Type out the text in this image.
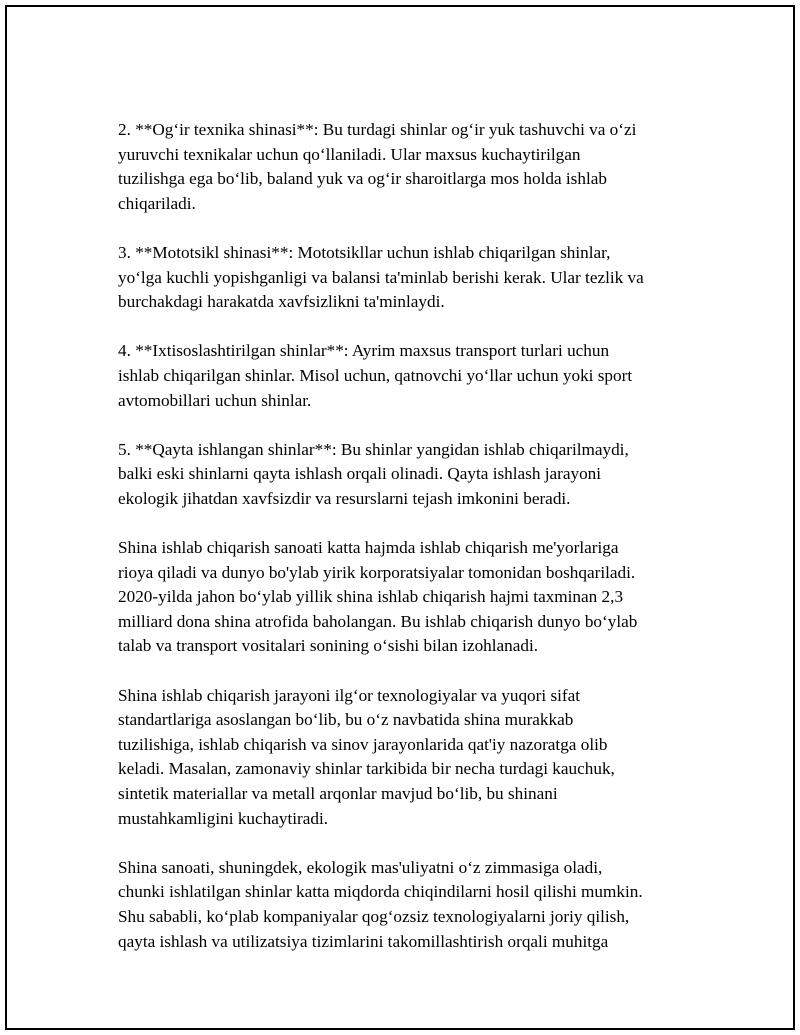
2. **Og‘ir texnika shinasi**: Bu turdagi shinlar og‘ir yuk tashuvchi va o‘zi
yuruvchi texnikalar uchun qo‘llaniladi. Ular maxsus kuchaytirilgan
tuzilishga ega bo‘lib, baland yuk va og‘ir sharoitlarga mos holda ishlab
chiqariladi.

3. **Mototsikl shinasi**: Mototsikllar uchun ishlab chiqarilgan shinlar,
yo‘lga kuchli yopishganligi va balansi ta'minlab berishi kerak. Ular tezlik va
burchakdagi harakatda xavfsizlikni ta'minlaydi.

4. **Ixtisoslashtirilgan shinlar**: Ayrim maxsus transport turlari uchun
ishlab chiqarilgan shinlar. Misol uchun, qatnovchi yo‘llar uchun yoki sport
avtomobillari uchun shinlar.

5. **Qayta ishlangan shinlar**: Bu shinlar yangidan ishlab chiqarilmaydi,
balki eski shinlarni qayta ishlash orqali olinadi. Qayta ishlash jarayoni
ekologik jihatdan xavfsizdir va resurslarni tejash imkonini beradi.

Shina ishlab chiqarish sanoati katta hajmda ishlab chiqarish me'yorlariga
rioya qiladi va dunyo bo'ylab yirik korporatsiyalar tomonidan boshqariladi.
2020-yilda jahon bo‘ylab yillik shina ishlab chiqarish hajmi taxminan 2,3
milliard dona shina atrofida baholangan. Bu ishlab chiqarish dunyo bo‘ylab
talab va transport vositalari sonining o‘sishi bilan izohlanadi.

Shina ishlab chiqarish jarayoni ilg‘or texnologiyalar va yuqori sifat
standartlariga asoslangan bo‘lib, bu o‘z navbatida shina murakkab
tuzilishiga, ishlab chiqarish va sinov jarayonlarida qat'iy nazoratga olib
keladi. Masalan, zamonaviy shinlar tarkibida bir necha turdagi kauchuk,
sintetik materiallar va metall arqonlar mavjud bo‘lib, bu shinani
mustahkamligini kuchaytiradi.

Shina sanoati, shuningdek, ekologik mas'uliyatni o‘z zimmasiga oladi,
chunki ishlatilgan shinlar katta miqdorda chiqindilarni hosil qilishi mumkin.
Shu sababli, ko‘plab kompaniyalar qog‘ozsiz texnologiyalarni joriy qilish,
qayta ishlash va utilizatsiya tizimlarini takomillashtirish orqali muhitga
